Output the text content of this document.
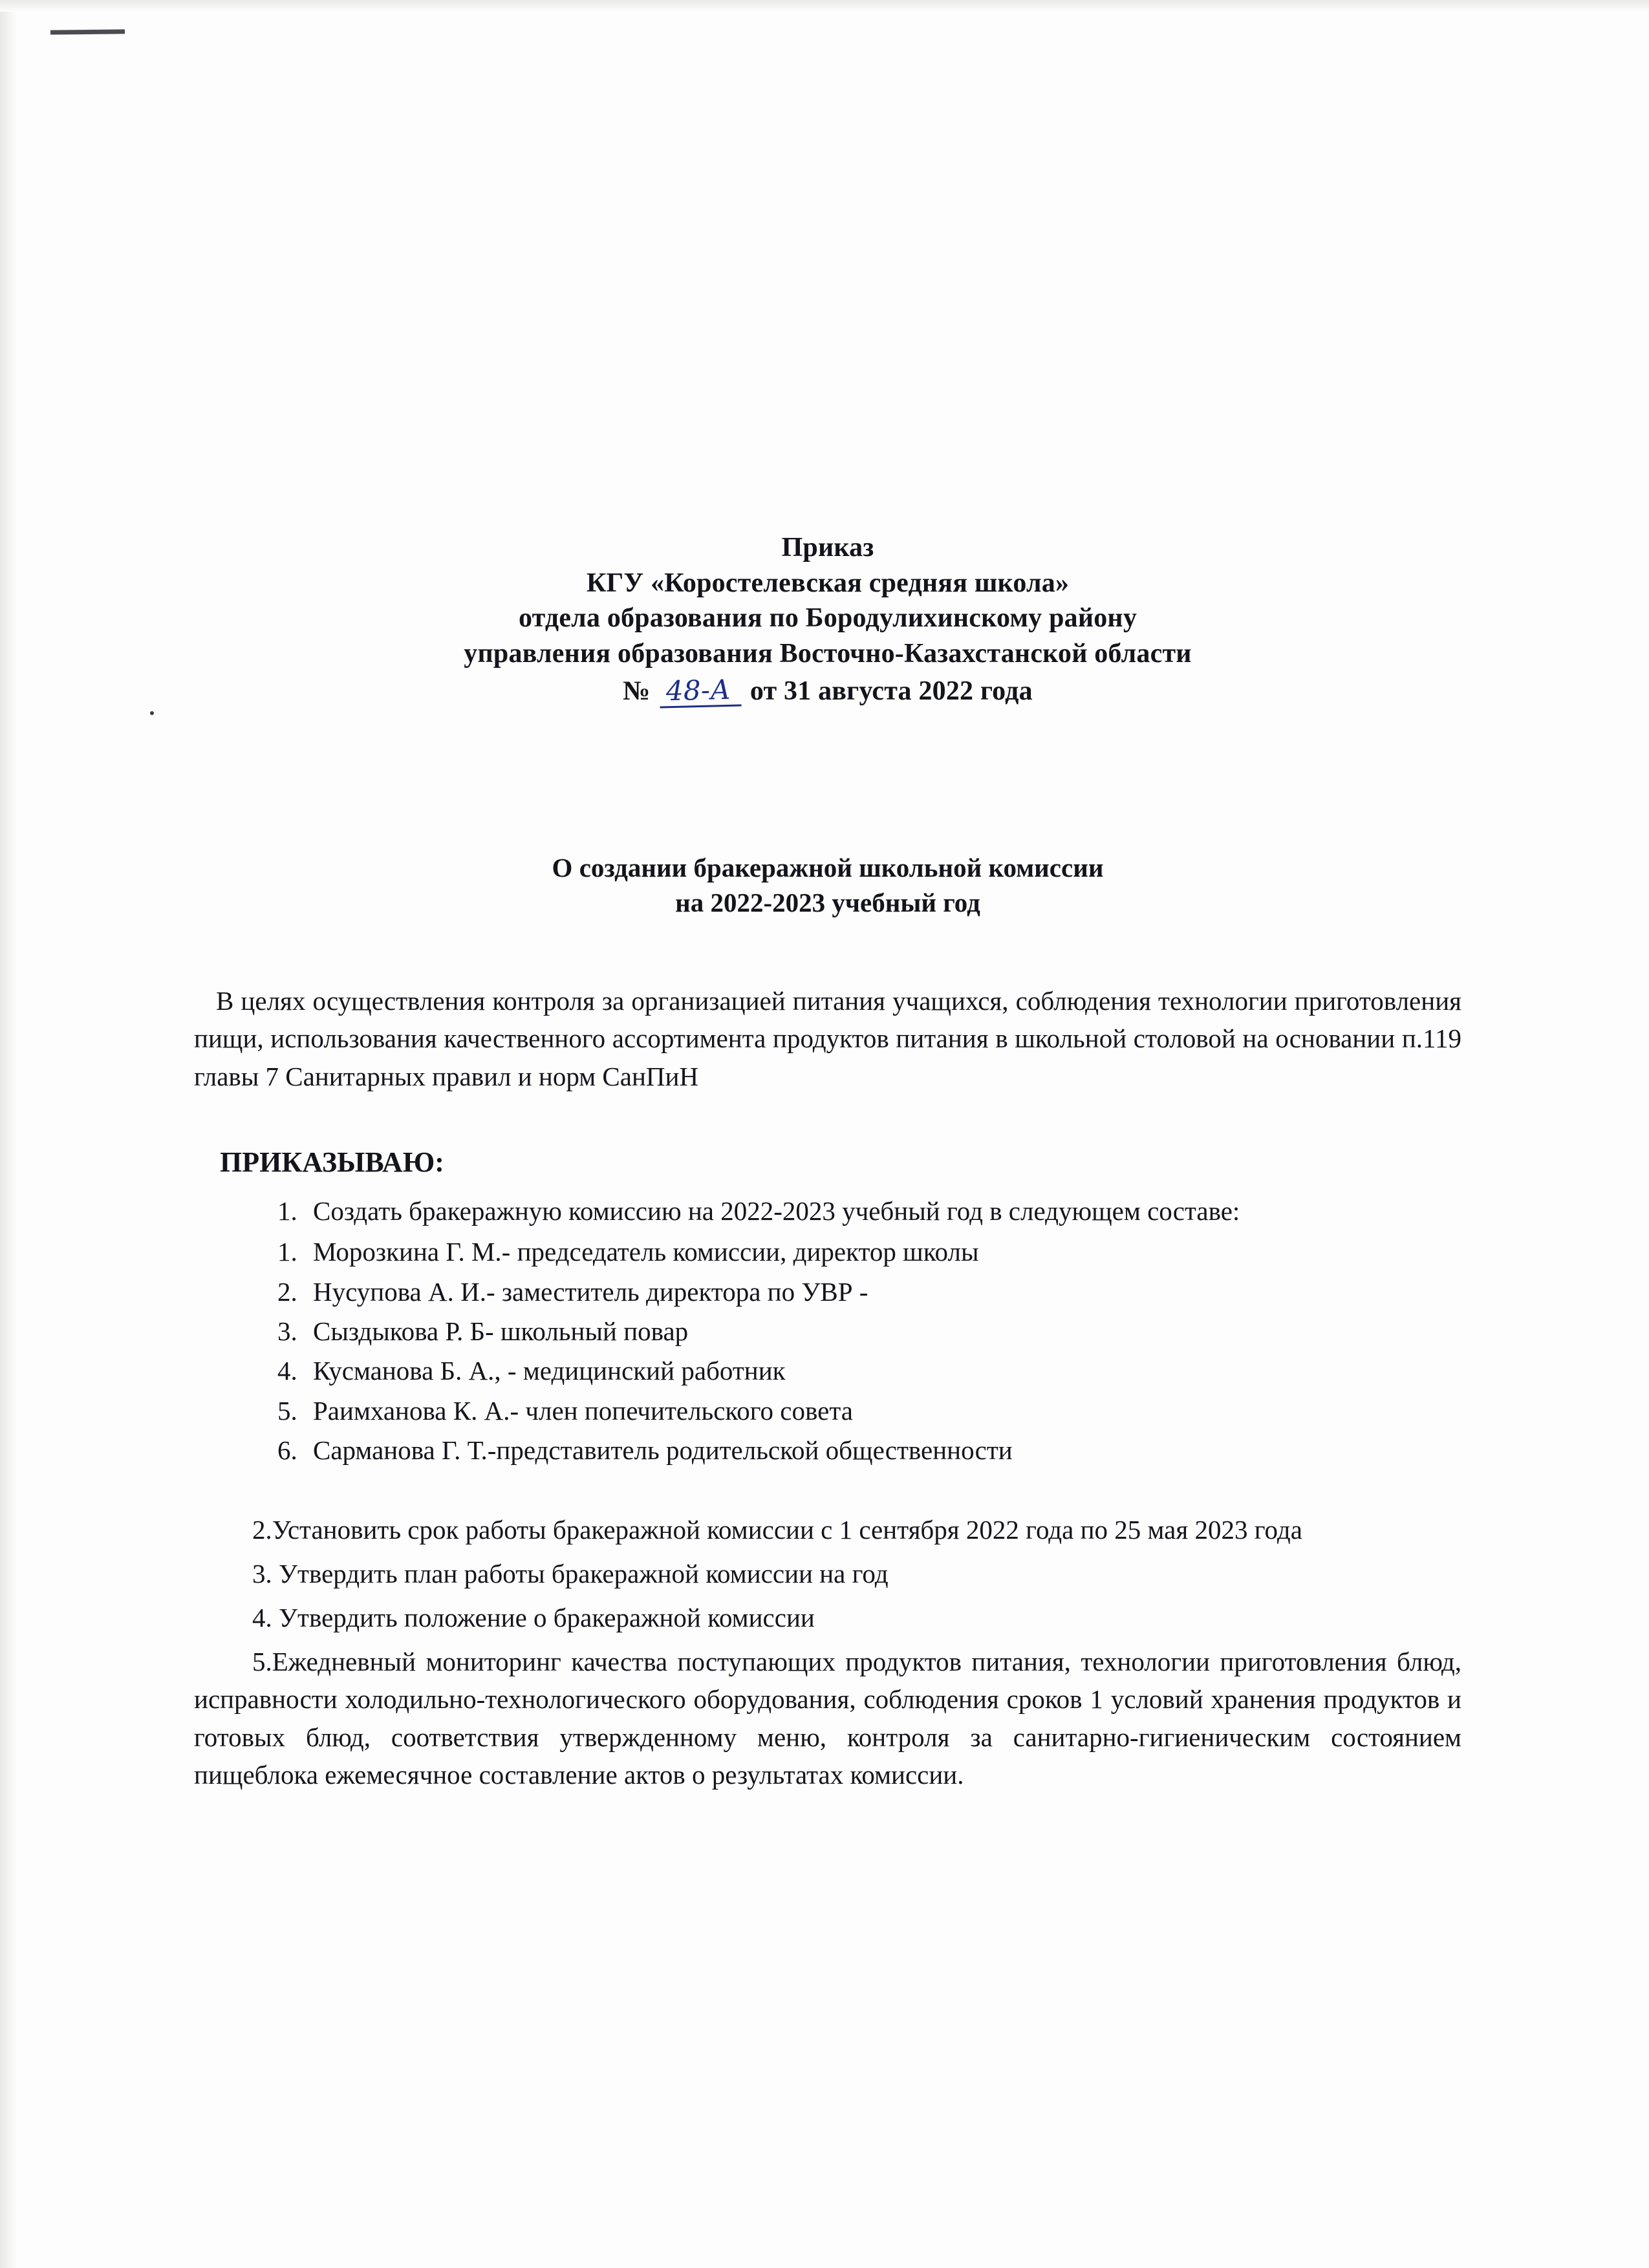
Приказ
КГУ «Коростелевская средняя школа»
отдела образования по Бородулихинскому району
управления образования Восточно-Казахстанской области
№ 48-А от 31 августа 2022 года
О создании бракеражной школьной комиссии
на 2022-2023 учебный год

В целях осуществления контроля за организацией питания учащихся, соблюдения технологии приготовления пищи, использования качественного ассортимента продуктов питания в школьной столовой на основании п.119 главы 7 Санитарных правил и норм СанПиН

ПРИКАЗЫВАЮ:
1. Создать бракеражную комиссию на 2022-2023 учебный год в следующем составе:
1. Морозкина Г. М.- председатель комиссии, директор школы
2. Нусупова А. И.- заместитель директора по УВР -
3. Сыздыкова Р. Б- школьный повар
4. Кусманова Б. А., - медицинский работник
5. Раимханова К. А.- член попечительского совета
6. Сарманова Г. Т.-представитель родительской общественности

2.Установить срок работы бракеражной комиссии с 1 сентября 2022 года по 25 мая 2023 года

3. Утвердить план работы бракеражной комиссии на год

4. Утвердить положение о бракеражной комиссии

5.Ежедневный мониторинг качества поступающих продуктов питания, технологии приготовления блюд, исправности холодильно-технологического оборудования, соблюдения сроков 1 условий хранения продуктов и готовых блюд, соответствия утвержденному меню, контроля за санитарно-гигиеническим состоянием пищеблока ежемесячное составление актов о результатах комиссии.
